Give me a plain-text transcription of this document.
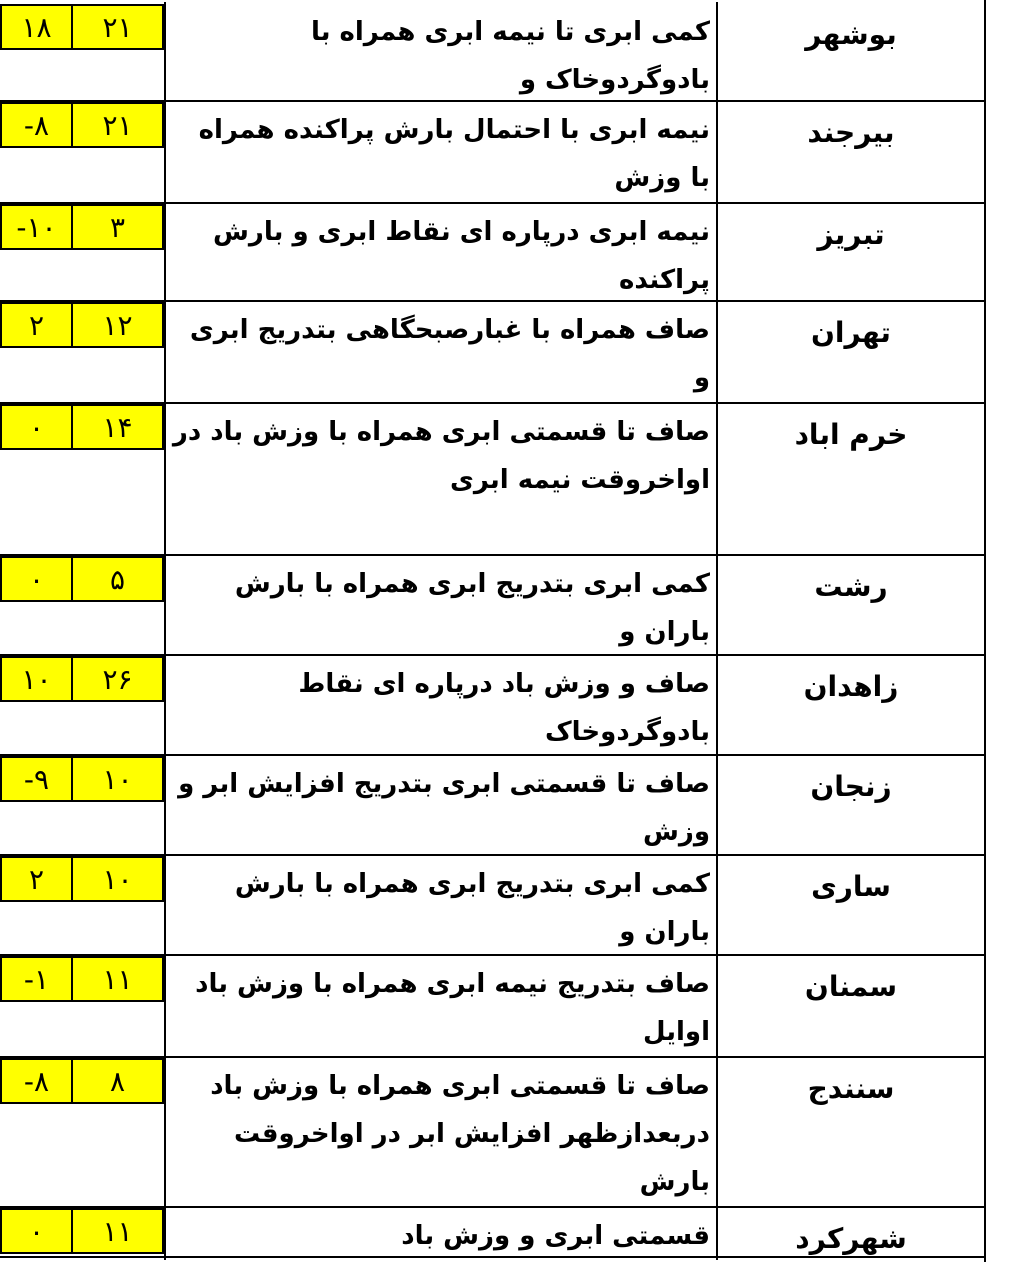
بوشهر
کمی ابری تا نیمه ابری همراه با بادوگردوخاک و

۲۱
۱۸
بیرجند
نیمه ابری با احتمال بارش پراکنده همراه با وزش

۲۱
-۸
تبریز
نیمه ابری درپاره ای نقاط ابری و بارش پراکنده

۳
-۱۰
تهران
صاف همراه با غبارصبحگاهی بتدریج ابری و

۱۲
۲
خرم اباد
صاف تا قسمتی ابری همراه با وزش باد در
اواخروقت نیمه ابری
۱۴
۰
رشت
کمی ابری بتدریج ابری همراه با بارش باران و

۵
۰
زاهدان
صاف و وزش باد درپاره ای نقاط بادوگردوخاک
۲۶
۱۰
زنجان
صاف تا قسمتی ابری بتدریج افزایش ابر و وزش

۱۰
-۹
ساری
کمی ابری بتدریج ابری همراه با بارش باران و

۱۰
۲
سمنان
صاف بتدریج نیمه ابری همراه با وزش باد اوایل

۱۱
-۱
سنندج
صاف تا قسمتی ابری همراه با وزش باد
دربعدازظهر افزایش ابر در اواخروقت بارش

۸
-۸
شهرکرد
قسمتی ابری و وزش باد
۱۱
۰
